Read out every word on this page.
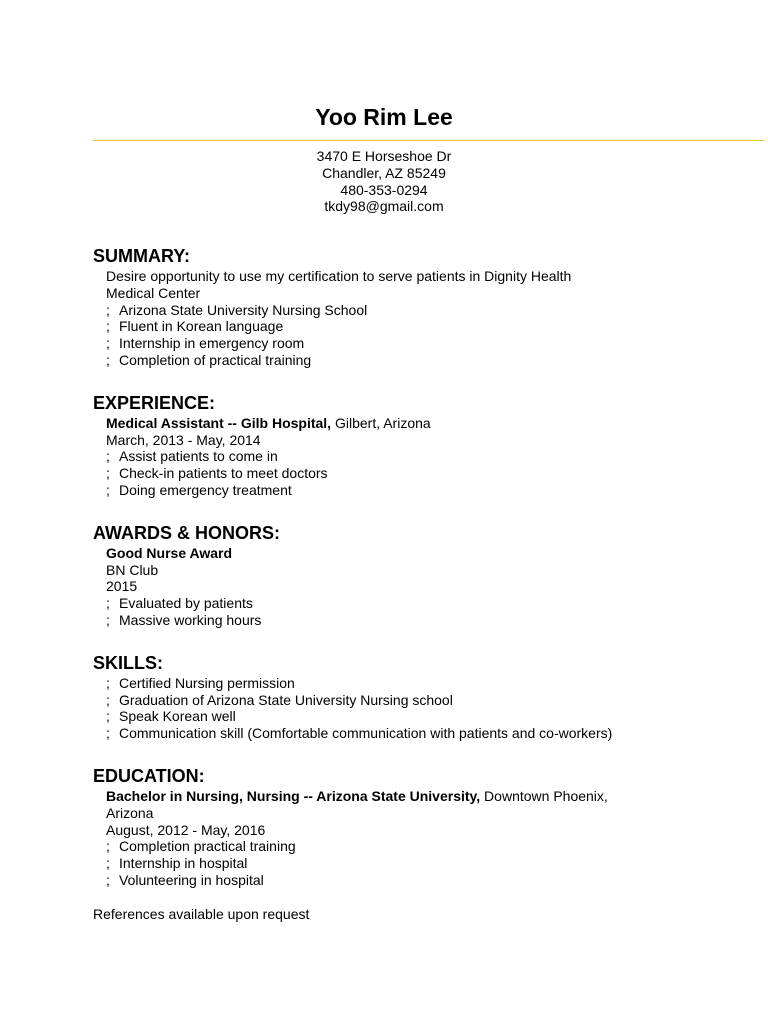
Yoo Rim Lee
3470 E Horseshoe Dr
Chandler, AZ 85249
480-353-0294
tkdy98@gmail.com
SUMMARY:
Desire opportunity to use my certification to serve patients in Dignity Health
Medical Center
; Arizona State University Nursing School
; Fluent in Korean language
; Internship in emergency room
; Completion of practical training
EXPERIENCE:
Medical Assistant -- Gilb Hospital, Gilbert, Arizona
March, 2013 - May, 2014
; Assist patients to come in
; Check-in patients to meet doctors
; Doing emergency treatment
AWARDS & HONORS:
Good Nurse Award
BN Club
2015
; Evaluated by patients
; Massive working hours
SKILLS:
; Certified Nursing permission
; Graduation of Arizona State University Nursing school
; Speak Korean well
; Communication skill (Comfortable communication with patients and co-workers)
EDUCATION:
Bachelor in Nursing, Nursing -- Arizona State University, Downtown Phoenix,
Arizona
August, 2012 - May, 2016
; Completion practical training
; Internship in hospital
; Volunteering in hospital
References available upon request
